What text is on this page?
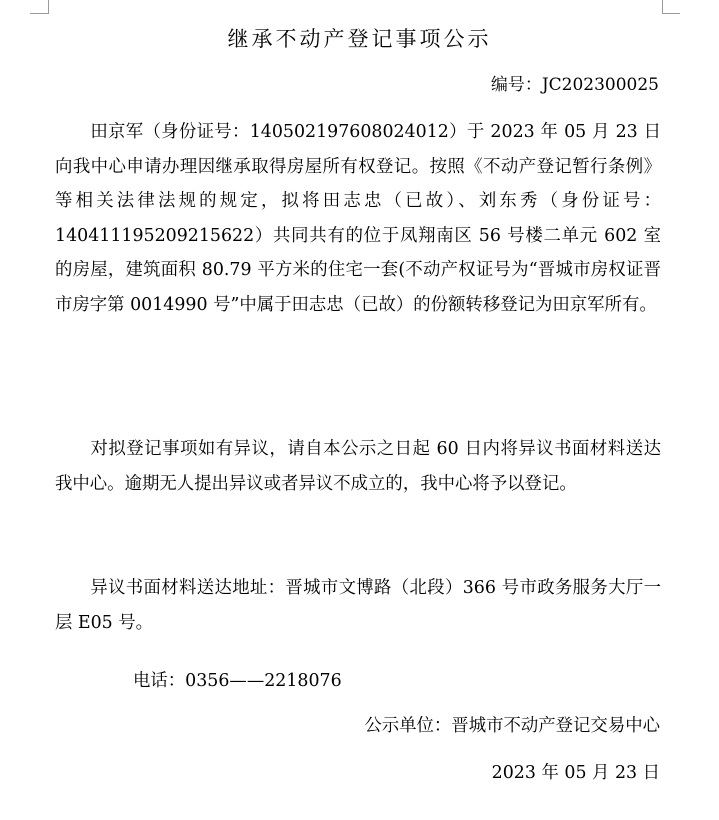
继承不动产登记事项公示
编号：JC202300025

田京军（身份证号：140502197608024012）于 2023 年 05 月 23 日向我中心申请办理因继承取得房屋所有权登记。按照《不动产登记暂行条例》等相关法律法规的规定，拟将田志忠（已故）、刘东秀（身份证号：140411195209215622）共同共有的位于凤翔南区 56 号楼二单元 602 室的房屋，建筑面积 80.79 平方米的住宅一套(不动产权证号为“晋城市房权证晋市房字第 0014990 号”中属于田志忠（已故）的份额转移登记为田京军所有。

对拟登记事项如有异议，请自本公示之日起 60 日内将异议书面材料送达我中心。逾期无人提出异议或者异议不成立的，我中心将予以登记。

异议书面材料送达地址：晋城市文博路（北段）366 号市政务服务大厅一层 E05 号。

电话：0356——2218076
公示单位：晋城市不动产登记交易中心
2023 年 05 月 23 日
